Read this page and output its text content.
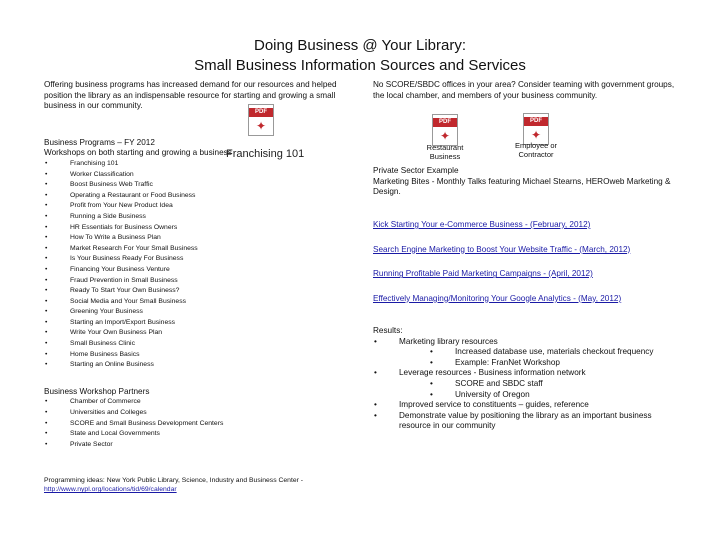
Doing Business @ Your Library:
Small Business Information Sources and Services
PDF
✦
Franchising 101
Offering business programs has increased demand for our resources and helped position the library as an indispensable resource for starting and growing a small business in our community.
Business Programs – FY 2012
Workshops on both starting and growing a business
• Franchising 101
• Worker Classification
• Boost Business Web Traffic
• Operating a Restaurant or Food Business
• Profit from Your New Product Idea
• Running a Side Business
• HR Essentials for Business Owners
• How To Write a Business Plan
• Market Research For Your Small Business
• Is Your Business Ready For Business
• Financing Your Business Venture
• Fraud Prevention in Small Business
• Ready To Start Your Own Business?
• Social Media and Your Small Business
• Greening Your Business
• Starting an Import/Export Business
• Write Your Own Business Plan
• Small Business Clinic
• Home Business Basics
• Starting an Online Business
Business Workshop Partners
• Chamber of Commerce
• Universities and Colleges
• SCORE and Small Business Development Centers
• State and Local Governments
• Private Sector
Programming ideas: New York Public Library, Science, Industry and Business Center -
http://www.nypl.org/locations/tid/69/calendar
PDF
✦
Restaurant
Business
PDF
✦
Employee or
Contractor
No SCORE/SBDC offices in your area? Consider teaming with government groups, the local chamber, and members of your business community.
Private Sector Example
Marketing Bites - Monthly Talks featuring Michael Stearns, HEROweb Marketing & Design.
Kick Starting Your e-Commerce Business - (February, 2012)
Search Engine Marketing to Boost Your Website Traffic - (March, 2012)
Running Profitable Paid Marketing Campaigns - (April, 2012)
Effectively Managing/Monitoring Your Google Analytics - (May, 2012)
Results:
• Marketing library resources
• Increased database use, materials checkout frequency
• Example: FranNet Workshop
• Leverage resources - Business information network
• SCORE and SBDC staff
• University of Oregon
• Improved service to constituents – guides, reference
• Demonstrate value by positioning the library as an important business resource in our community
